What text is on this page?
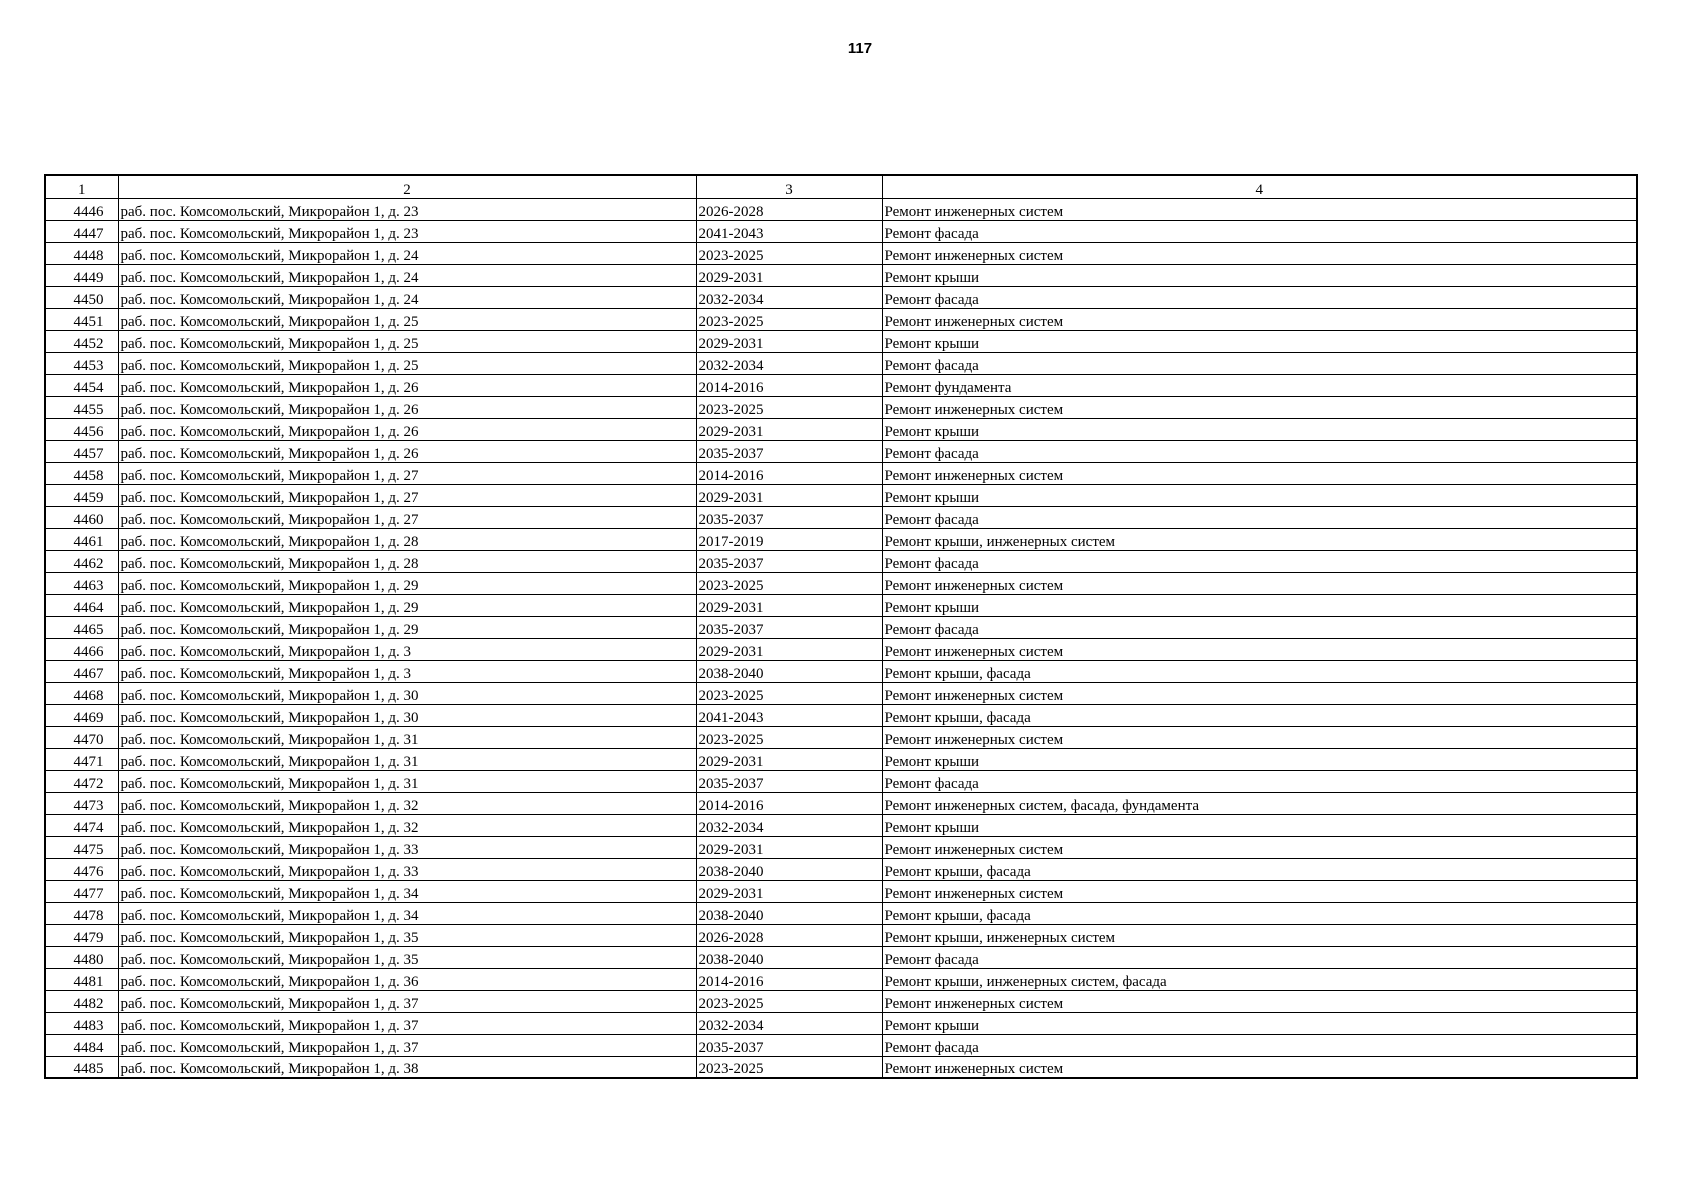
117
1	2	3	4
4446	раб. пос. Комсомольский, Микрорайон 1, д. 23	2026-2028	Ремонт инженерных систем
4447	раб. пос. Комсомольский, Микрорайон 1, д. 23	2041-2043	Ремонт фасада
4448	раб. пос. Комсомольский, Микрорайон 1, д. 24	2023-2025	Ремонт инженерных систем
4449	раб. пос. Комсомольский, Микрорайон 1, д. 24	2029-2031	Ремонт крыши
4450	раб. пос. Комсомольский, Микрорайон 1, д. 24	2032-2034	Ремонт фасада
4451	раб. пос. Комсомольский, Микрорайон 1, д. 25	2023-2025	Ремонт инженерных систем
4452	раб. пос. Комсомольский, Микрорайон 1, д. 25	2029-2031	Ремонт крыши
4453	раб. пос. Комсомольский, Микрорайон 1, д. 25	2032-2034	Ремонт фасада
4454	раб. пос. Комсомольский, Микрорайон 1, д. 26	2014-2016	Ремонт фундамента
4455	раб. пос. Комсомольский, Микрорайон 1, д. 26	2023-2025	Ремонт инженерных систем
4456	раб. пос. Комсомольский, Микрорайон 1, д. 26	2029-2031	Ремонт крыши
4457	раб. пос. Комсомольский, Микрорайон 1, д. 26	2035-2037	Ремонт фасада
4458	раб. пос. Комсомольский, Микрорайон 1, д. 27	2014-2016	Ремонт инженерных систем
4459	раб. пос. Комсомольский, Микрорайон 1, д. 27	2029-2031	Ремонт крыши
4460	раб. пос. Комсомольский, Микрорайон 1, д. 27	2035-2037	Ремонт фасада
4461	раб. пос. Комсомольский, Микрорайон 1, д. 28	2017-2019	Ремонт крыши, инженерных систем
4462	раб. пос. Комсомольский, Микрорайон 1, д. 28	2035-2037	Ремонт фасада
4463	раб. пос. Комсомольский, Микрорайон 1, д. 29	2023-2025	Ремонт инженерных систем
4464	раб. пос. Комсомольский, Микрорайон 1, д. 29	2029-2031	Ремонт крыши
4465	раб. пос. Комсомольский, Микрорайон 1, д. 29	2035-2037	Ремонт фасада
4466	раб. пос. Комсомольский, Микрорайон 1, д. 3	2029-2031	Ремонт инженерных систем
4467	раб. пос. Комсомольский, Микрорайон 1, д. 3	2038-2040	Ремонт крыши, фасада
4468	раб. пос. Комсомольский, Микрорайон 1, д. 30	2023-2025	Ремонт инженерных систем
4469	раб. пос. Комсомольский, Микрорайон 1, д. 30	2041-2043	Ремонт крыши, фасада
4470	раб. пос. Комсомольский, Микрорайон 1, д. 31	2023-2025	Ремонт инженерных систем
4471	раб. пос. Комсомольский, Микрорайон 1, д. 31	2029-2031	Ремонт крыши
4472	раб. пос. Комсомольский, Микрорайон 1, д. 31	2035-2037	Ремонт фасада
4473	раб. пос. Комсомольский, Микрорайон 1, д. 32	2014-2016	Ремонт инженерных систем, фасада, фундамента
4474	раб. пос. Комсомольский, Микрорайон 1, д. 32	2032-2034	Ремонт крыши
4475	раб. пос. Комсомольский, Микрорайон 1, д. 33	2029-2031	Ремонт инженерных систем
4476	раб. пос. Комсомольский, Микрорайон 1, д. 33	2038-2040	Ремонт крыши, фасада
4477	раб. пос. Комсомольский, Микрорайон 1, д. 34	2029-2031	Ремонт инженерных систем
4478	раб. пос. Комсомольский, Микрорайон 1, д. 34	2038-2040	Ремонт крыши, фасада
4479	раб. пос. Комсомольский, Микрорайон 1, д. 35	2026-2028	Ремонт крыши, инженерных систем
4480	раб. пос. Комсомольский, Микрорайон 1, д. 35	2038-2040	Ремонт фасада
4481	раб. пос. Комсомольский, Микрорайон 1, д. 36	2014-2016	Ремонт крыши, инженерных систем, фасада
4482	раб. пос. Комсомольский, Микрорайон 1, д. 37	2023-2025	Ремонт инженерных систем
4483	раб. пос. Комсомольский, Микрорайон 1, д. 37	2032-2034	Ремонт крыши
4484	раб. пос. Комсомольский, Микрорайон 1, д. 37	2035-2037	Ремонт фасада
4485	раб. пос. Комсомольский, Микрорайон 1, д. 38	2023-2025	Ремонт инженерных систем
